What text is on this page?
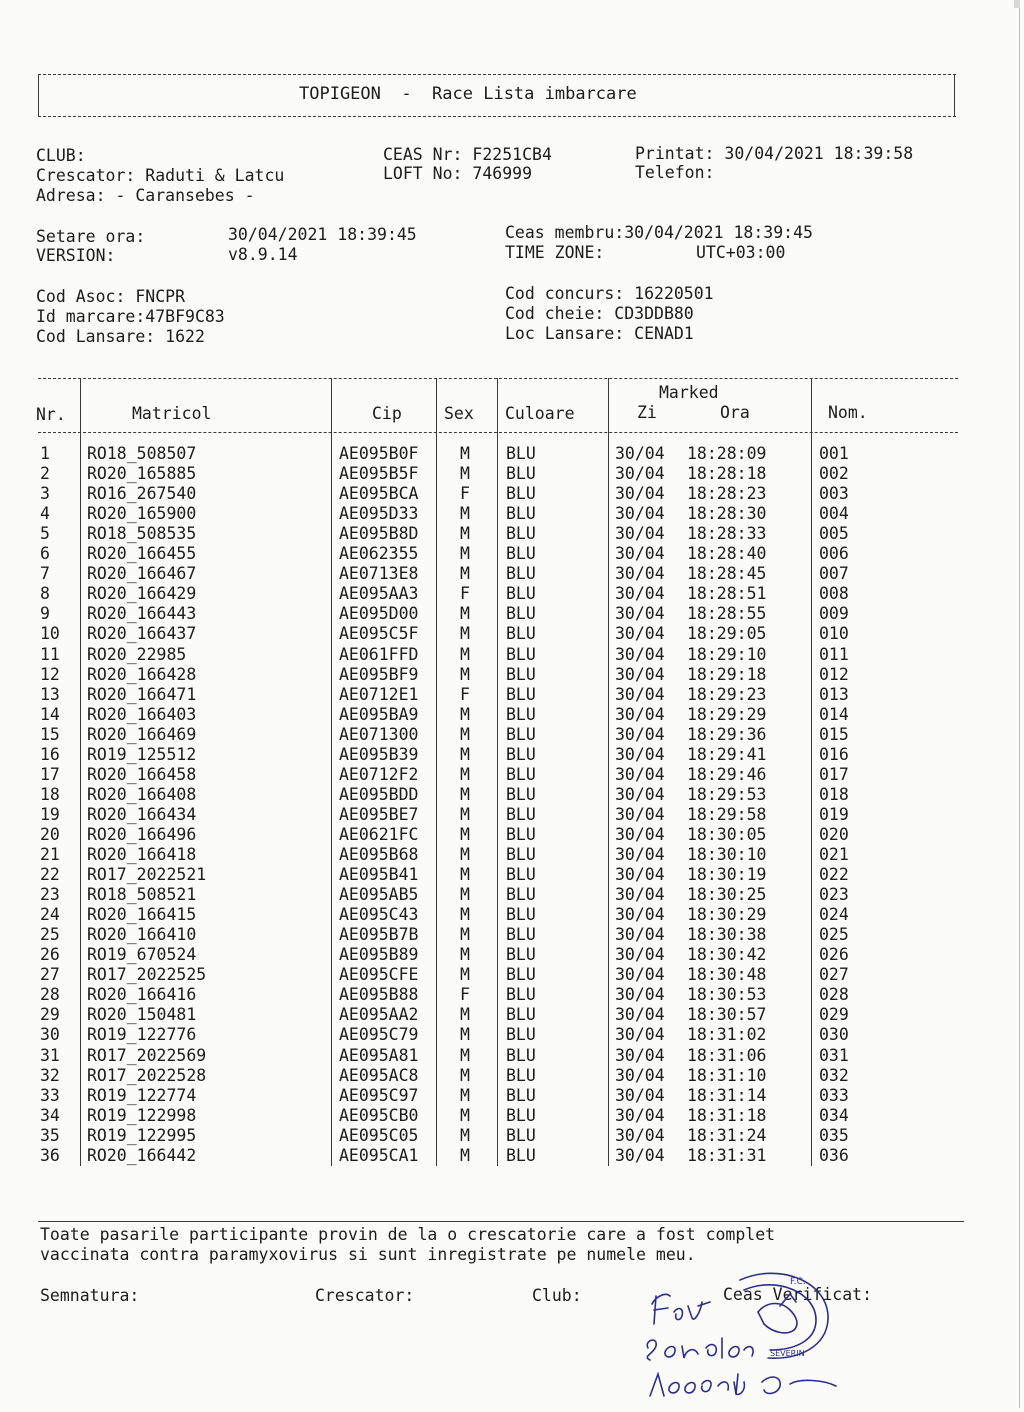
TOPIGEON  -  Race Lista imbarcare
CLUB:
Crescator: Raduti & Latcu
Adresa: - Caransebes -
CEAS Nr: F2251CB4
LOFT No: 746999
Printat: 30/04/2021 18:39:58
Telefon:
Setare ora:	30/04/2021 18:39:45
VERSION:	v8.9.14
Ceas membru:30/04/2021 18:39:45
TIME ZONE:	UTC+03:00
Cod Asoc: FNCPR
Id marcare:47BF9C83
Cod Lansare: 1622
Cod concurs: 16220501
Cod cheie: CD3DDB80
Loc Lansare: CENAD1
Nr.	Matricol	Cip	Sex Culoare
Marked
Zi	Ora	Nom.
1 RO18_508507	AE095B0F	M	BLU	30/04 18:28:09	001
2 RO20_165885	AE095B5F	M	BLU	30/04 18:28:18	002
3 RO16_267540	AE095BCA	F	BLU	30/04 18:28:23	003
4 RO20_165900	AE095D33	M	BLU	30/04 18:28:30	004
5 RO18_508535	AE095B8D	M	BLU	30/04 18:28:33	005
6 RO20_166455	AE062355	M	BLU	30/04 18:28:40	006
7 RO20_166467	AE0713E8	M	BLU	30/04 18:28:45	007
8 RO20_166429	AE095AA3	F	BLU	30/04 18:28:51	008
9 RO20_166443	AE095D00	M	BLU	30/04 18:28:55	009
10 RO20_166437	AE095C5F	M	BLU	30/04 18:29:05	010
11 RO20_22985	AE061FFD	M	BLU	30/04 18:29:10	011
12 RO20_166428	AE095BF9	M	BLU	30/04 18:29:18	012
13 RO20_166471	AE0712E1	F	BLU	30/04 18:29:23	013
14 RO20_166403	AE095BA9	M	BLU	30/04 18:29:29	014
15 RO20_166469	AE071300	M	BLU	30/04 18:29:36	015
16 RO19_125512	AE095B39	M	BLU	30/04 18:29:41	016
17 RO20_166458	AE0712F2	M	BLU	30/04 18:29:46	017
18 RO20_166408	AE095BDD	M	BLU	30/04 18:29:53	018
19 RO20_166434	AE095BE7	M	BLU	30/04 18:29:58	019
20 RO20_166496	AE0621FC	M	BLU	30/04 18:30:05	020
21 RO20_166418	AE095B68	M	BLU	30/04 18:30:10	021
22 RO17_2022521	AE095B41	M	BLU	30/04 18:30:19	022
23 RO18_508521	AE095AB5	M	BLU	30/04 18:30:25	023
24 RO20_166415	AE095C43	M	BLU	30/04 18:30:29	024
25 RO20_166410	AE095B7B	M	BLU	30/04 18:30:38	025
26 RO19_670524	AE095B89	M	BLU	30/04 18:30:42	026
27 RO17_2022525	AE095CFE	M	BLU	30/04 18:30:48	027
28 RO20_166416	AE095B88	F	BLU	30/04 18:30:53	028
29 RO20_150481	AE095AA2	M	BLU	30/04 18:30:57	029
30 RO19_122776	AE095C79	M	BLU	30/04 18:31:02	030
31 RO17_2022569	AE095A81	M	BLU	30/04 18:31:06	031
32 RO17_2022528	AE095AC8	M	BLU	30/04 18:31:10	032
33 RO19_122774	AE095C97	M	BLU	30/04 18:31:14	033
34 RO19_122998	AE095CB0	M	BLU	30/04 18:31:18	034
35 RO19_122995	AE095C05	M	BLU	30/04 18:31:24	035
36 RO20_166442	AE095CA1	M	BLU	30/04 18:31:31	036
Toate pasarile participante provin de la o crescatorie care a fost complet
vaccinata contra paramyxovirus si sunt inregistrate pe numele meu.
Semnatura:	Crescator:	Club:	Ceas Verificat:
F.C.
SEVERIN
